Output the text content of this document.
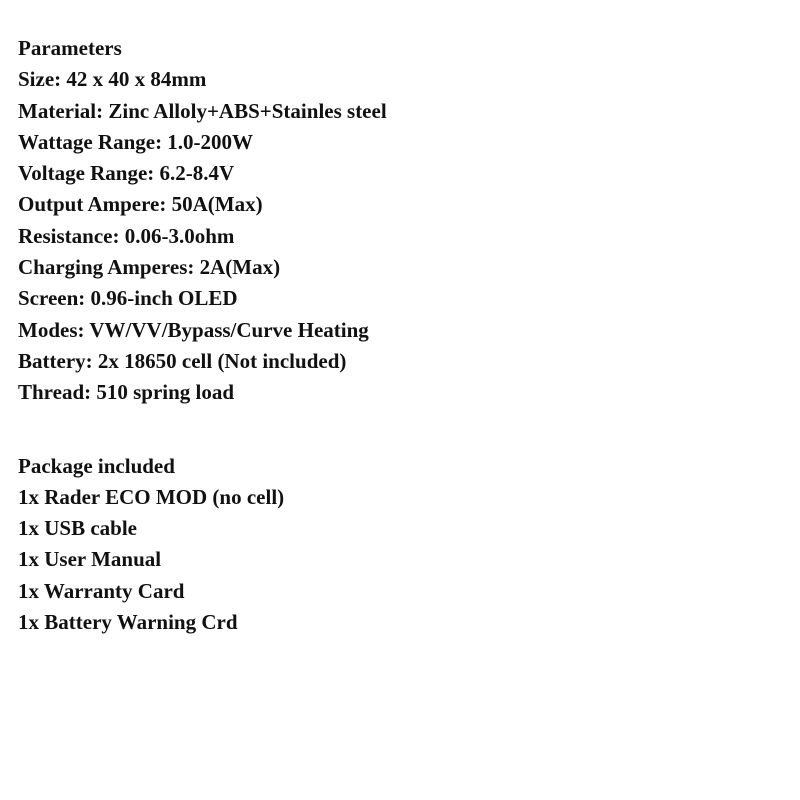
Parameters
Size: 42 x 40 x 84mm
Material: Zinc Alloly+ABS+Stainles steel
Wattage Range: 1.0-200W
Voltage Range: 6.2-8.4V
Output Ampere: 50A(Max)
Resistance: 0.06-3.0ohm
Charging Amperes: 2A(Max)
Screen: 0.96-inch OLED
Modes: VW/VV/Bypass/Curve Heating
Battery: 2x 18650 cell (Not included)
Thread: 510 spring load
Package included
1x Rader ECO MOD (no cell)
1x USB cable
1x User Manual
1x Warranty Card
1x Battery Warning Crd
